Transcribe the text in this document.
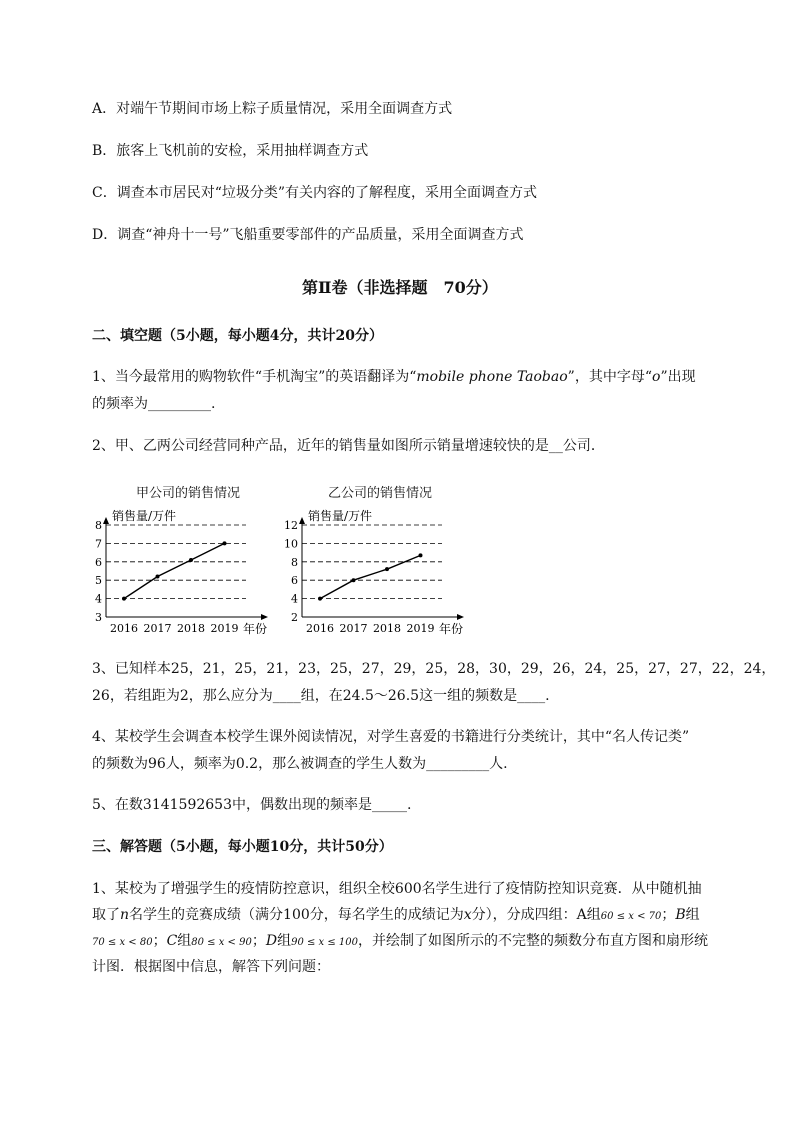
A．对端午节期间市场上粽子质量情况，采用全面调查方式
B．旅客上飞机前的安检，采用抽样调查方式
C．调查本市居民对“垃圾分类”有关内容的了解程度，采用全面调查方式
D．调查“神舟十一号”飞船重要零部件的产品质量，采用全面调查方式
第Ⅱ卷（非选择题　70分）
二、填空题（5小题，每小题4分，共计20分）
1、当今最常用的购物软件“手机淘宝”的英语翻译为“mobile phone Taobao”，其中字母“o”出现
的频率为_________.
2、甲、乙两公司经营同种产品，近年的销售量如图所示销量增速较快的是__公司．
甲公司的销售情况	乙公司的销售情况
销售量/万件
3
4
5
6
7
8
2016 2017 2018 2019 年份
销售量/万件
2
4
6
8
10
12
2016 2017 2018 2019 年份
3、已知样本25，21，25，21，23，25，27，29，25，28，30，29，26，24，25，27，27，22，24，
26，若组距为2，那么应分为____组，在24.5～26.5这一组的频数是____.
4、某校学生会调查本校学生课外阅读情况，对学生喜爱的书籍进行分类统计，其中“名人传记类”
的频数为96人，频率为0.2，那么被调查的学生人数为_________人.
5、在数3141592653中，偶数出现的频率是_____.
三、解答题（5小题，每小题10分，共计50分）
1、某校为了增强学生的疫情防控意识，组织全校600名学生进行了疫情防控知识竞赛．从中随机抽
取了n名学生的竞赛成绩（满分100分，每名学生的成绩记为x分），分成四组：A组60 ≤ x < 70；B组
70 ≤ x < 80；C组80 ≤ x < 90；D组90 ≤ x ≤ 100，并绘制了如图所示的不完整的频数分布直方图和扇形统
计图．根据图中信息，解答下列问题：
